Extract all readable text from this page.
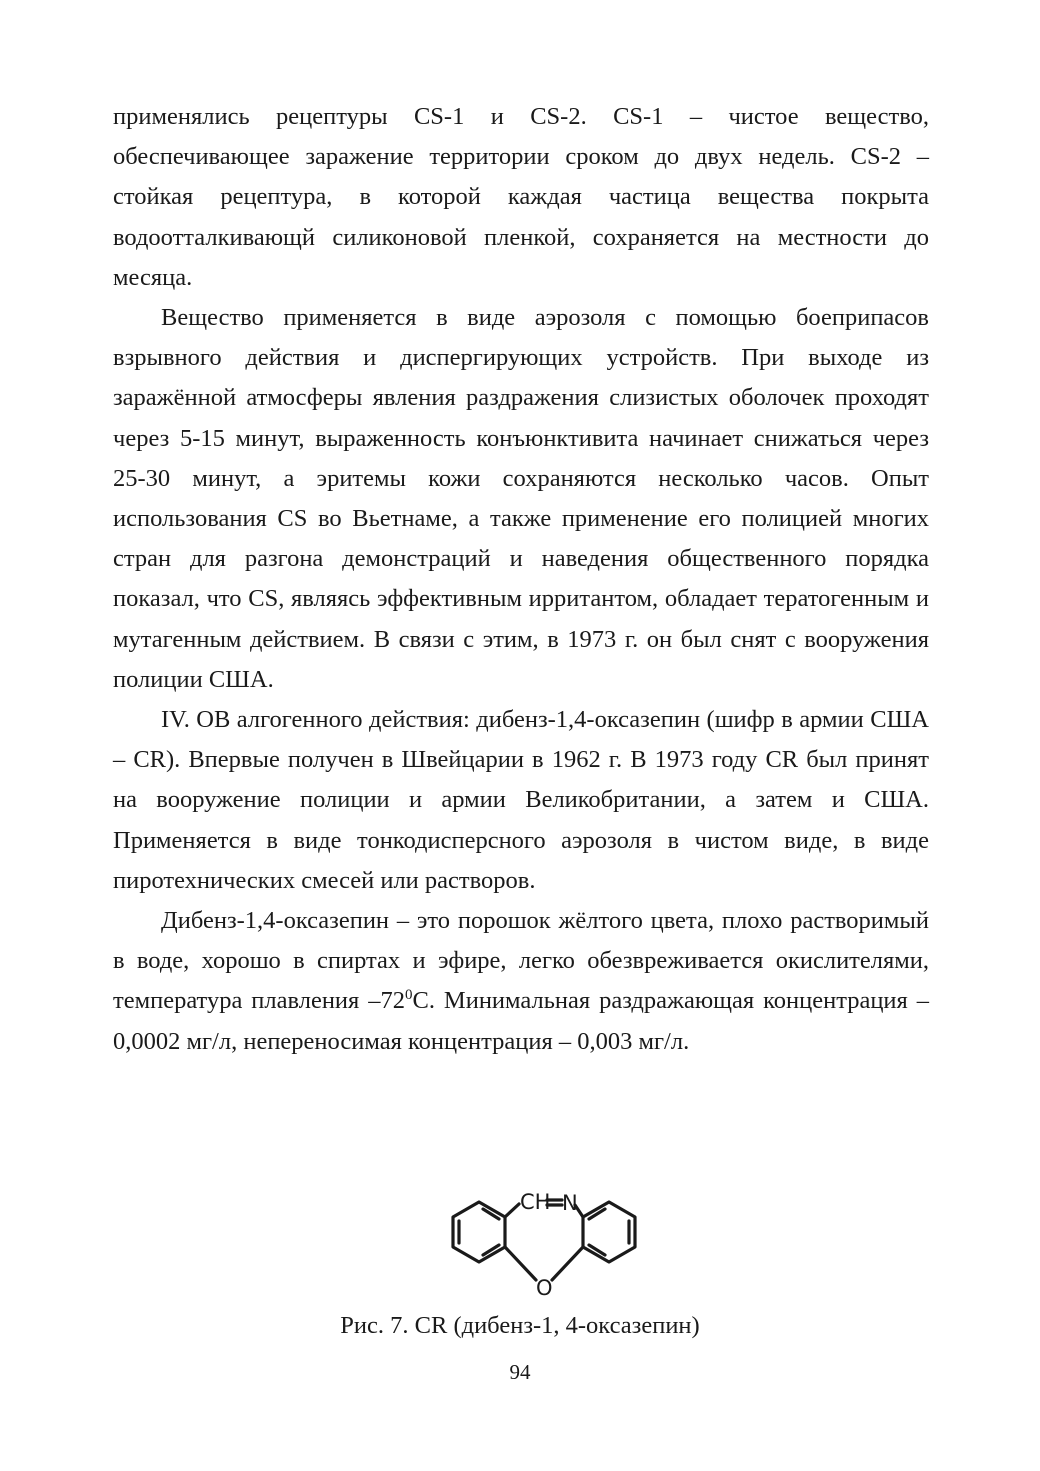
применялись рецептуры CS-1 и CS-2. CS-1 – чистое вещество, обеспечивающее заражение территории сроком до двух недель. CS-2 – стойкая рецептура, в которой каждая частица вещества покрыта водоотталкивающй силиконовой пленкой, сохраняется на местности до месяца.

Вещество применяется в виде аэрозоля с помощью боеприпасов взрывного действия и диспергирующих устройств. При выходе из заражённой атмосферы явления раздражения слизистых оболочек проходят через 5-15 минут, выраженность конъюнктивита начинает снижаться через 25-30 минут, а эритемы кожи сохраняются несколько часов. Опыт использования CS во Вьетнаме, а также применение его полицией многих стран для разгона демонстраций и наведения общественного порядка показал, что CS, являясь эффективным ирритантом, обладает тератогенным и мутагенным действием. В связи с этим, в 1973 г. он был снят с вооружения полиции США.

IV. ОВ алгогенного действия: дибенз-1,4-оксазепин (шифр в армии США – CR). Впервые получен в Швейцарии в 1962 г. В 1973 году CR был принят на вооружение полиции и армии Великобритании, а затем и США. Применяется в виде тонкодисперсного аэрозоля в чистом виде, в виде пиротехнических смесей или растворов.

Дибенз-1,4-оксазепин – это порошок жёлтого цвета, плохо растворимый в воде, хорошо в спиртах и эфире, легко обезвреживается окислителями, температура плавления $-72^0С$. Минимальная раздражающая концентрация – 0,0002 мг/л, непереносимая концентрация – 0,003 мг/л.

CH N
O
Рис. 7. CR (дибенз-1, 4-оксазепин)
94
